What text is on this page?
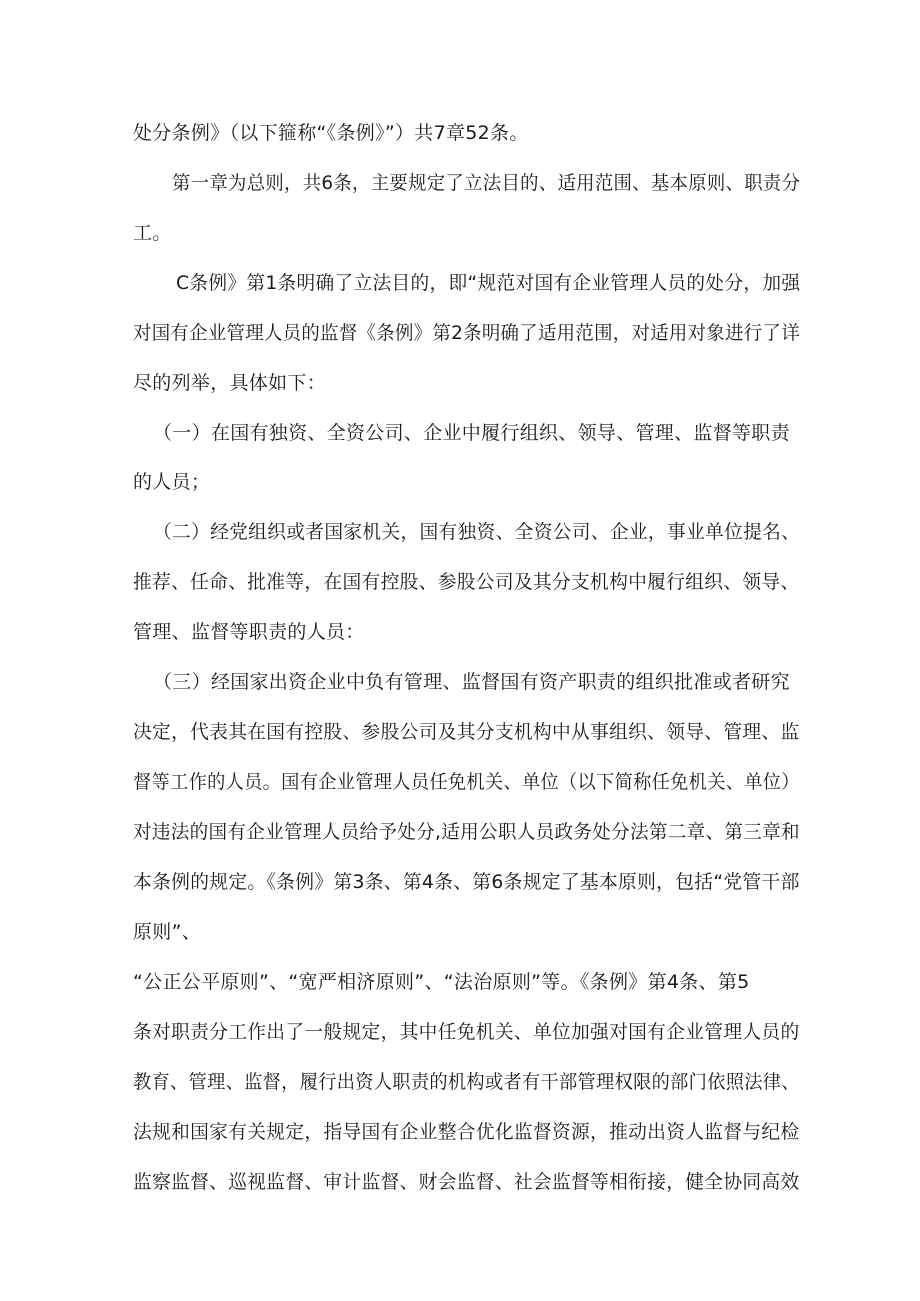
处分条例》（以下箍称“《条例》”）共7章52条。
第一章为总则，共6条，主要规定了立法目的、适用范围、基本原则、职责分
工。
C条例》第1条明确了立法目的，即“规范对国有企业管理人员的处分，加强
对国有企业管理人员的监督《条例》第2条明确了适用范围，对适用对象进行了详
尽的列举，具体如下：
（一）在国有独资、全资公司、企业中履行组织、领导、管理、监督等职责
的人员；
（二）经党组织或者国家机关，国有独资、全资公司、企业，事业单位提名、
推荐、任命、批准等，在国有控股、参股公司及其分支机构中履行组织、领导、
管理、监督等职责的人员：
（三）经国家出资企业中负有管理、监督国有资产职责的组织批准或者研究
决定，代表其在国有控股、参股公司及其分支机构中从事组织、领导、管理、监
督等工作的人员。国有企业管理人员任免机关、单位（以下简称任免机关、单位）
对违法的国有企业管理人员给予处分,适用公职人员政务处分法第二章、第三章和
本条例的规定。《条例》第3条、第4条、第6条规定了基本原则，包括“党管干部
原则”、
“公正公平原则”、“宽严相济原则”、“法治原则”等。《条例》第4条、第5
条对职责分工作出了一般规定，其中任免机关、单位加强对国有企业管理人员的
教育、管理、监督，履行出资人职责的机构或者有干部管理权限的部门依照法律、
法规和国家有关规定，指导国有企业整合优化监督资源，推动出资人监督与纪检
监察监督、巡视监督、审计监督、财会监督、社会监督等相衔接，健全协同高效
